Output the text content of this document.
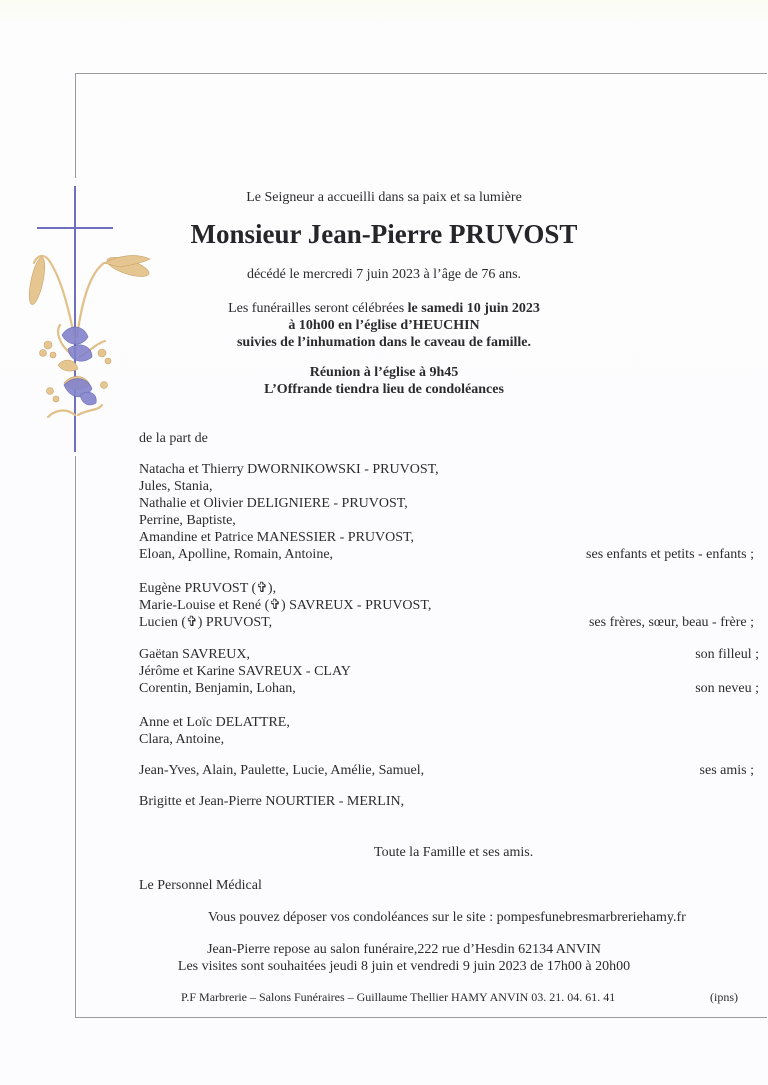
Le Seigneur a accueilli dans sa paix et sa lumière
Monsieur Jean-Pierre PRUVOST
décédé le mercredi 7 juin 2023 à l’âge de 76 ans.
Les funérailles seront célébrées le samedi 10 juin 2023
à 10h00 en l’église d’HEUCHIN
suivies de l’inhumation dans le caveau de famille.
Réunion à l’église à 9h45
L’Offrande tiendra lieu de condoléances
de la part de
Natacha et Thierry DWORNIKOWSKI - PRUVOST,
Jules, Stania,
Nathalie et Olivier DELIGNIERE - PRUVOST,
Perrine, Baptiste,
Amandine et Patrice MANESSIER - PRUVOST,
Eloan, Apolline, Romain, Antoine,	ses enfants et petits - enfants ;
Eugène PRUVOST (✞),
Marie-Louise et René (✞) SAVREUX - PRUVOST,
Lucien (✞) PRUVOST,	ses frères, sœur, beau - frère ;
Gaëtan SAVREUX,	son filleul ;
Jérôme et Karine SAVREUX - CLAY
Corentin, Benjamin, Lohan,	son neveu ;
Anne et Loïc DELATTRE,
Clara, Antoine,
Jean-Yves, Alain, Paulette, Lucie, Amélie, Samuel,	ses amis ;
Brigitte et Jean-Pierre NOURTIER - MERLIN,
Toute la Famille et ses amis.
Le Personnel Médical
Vous pouvez déposer vos condoléances sur le site : pompesfunebresmarbreriehamy.fr
Jean-Pierre repose au salon funéraire,222 rue d’Hesdin 62134 ANVIN
Les visites sont souhaitées jeudi 8 juin et vendredi 9 juin 2023 de 17h00 à 20h00
P.F Marbrerie – Salons Funéraires – Guillaume Thellier HAMY ANVIN 03. 21. 04. 61. 41	(ipns)
